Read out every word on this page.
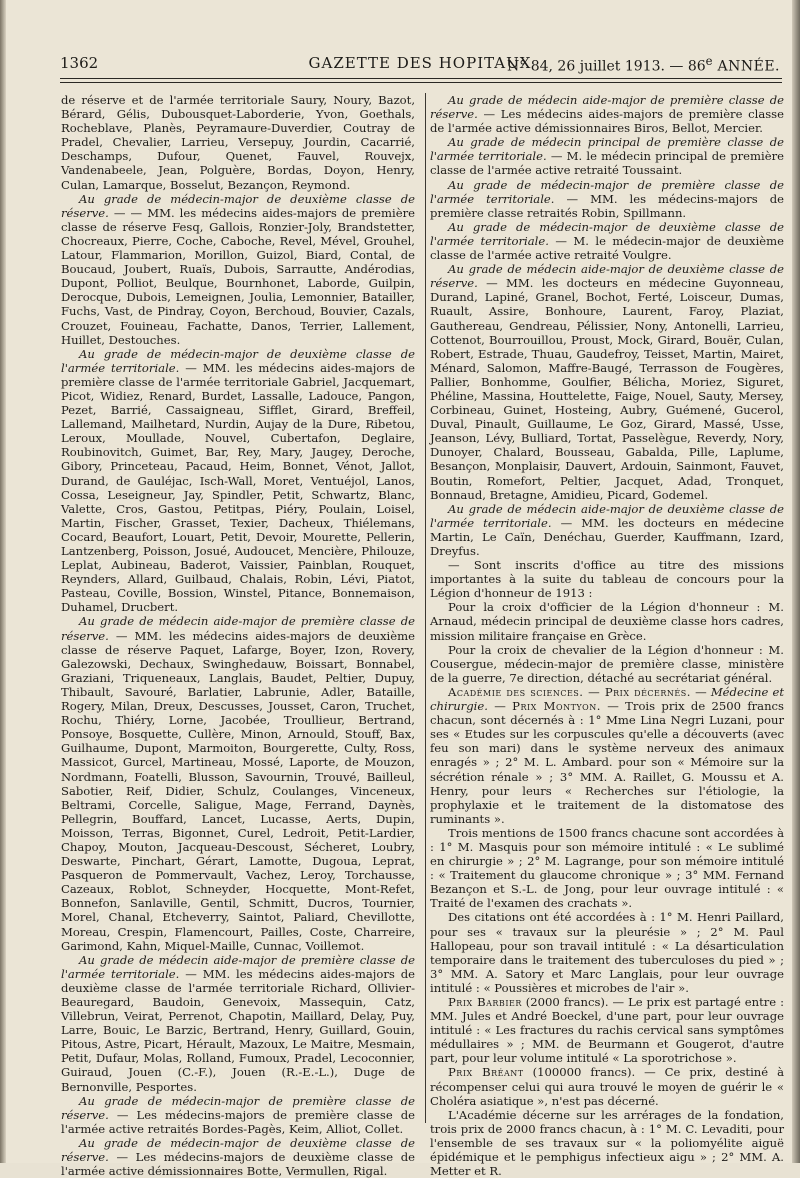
1362	GAZETTE DES HOPITAUX
N° 84, 26 juillet 1913. — 86e ANNÉE.

de réserve et de l'armée territoriale Saury, Noury, Bazot, Bérard, Gélis, Dubousquet-Laborderie, Yvon, Goethals, Rocheblave, Planès, Peyramaure-Duverdier, Coutray de Pradel, Chevalier, Larrieu, Versepuy, Jourdin, Cacarrié, Deschamps, Dufour, Quenet, Fauvel, Rouvejx, Vandenabeele, Jean, Polguère, Bordas, Doyon, Henry, Culan, Lamarque, Bosselut, Bezançon, Reymond.

Au grade de médecin-major de deuxième classe de réserve. — — MM. les médecins aides-majors de première classe de réserve Fesq, Gallois, Ronzier-Joly, Brandstetter, Chocreaux, Pierre, Coche, Caboche, Revel, Mével, Grouhel, Latour, Flammarion, Morillon, Guizol, Biard, Contal, de Boucaud, Joubert, Ruaïs, Dubois, Sarrautte, Andérodias, Dupont, Polliot, Beulque, Bournhonet, Laborde, Guilpin, Derocque, Dubois, Lemeignen, Joulia, Lemonnier, Batailler, Fuchs, Vast, de Pindray, Coyon, Berchoud, Bouvier, Cazals, Crouzet, Fouineau, Fachatte, Danos, Terrier, Lallement, Huillet, Destouches.

Au grade de médecin-major de deuxième classe de l'armée territoriale. — MM. les médecins aides-majors de première classe de l'armée territoriale Gabriel, Jacquemart, Picot, Widiez, Renard, Burdet, Lassalle, Ladouce, Pangon, Pezet, Barrié, Cassaigneau, Sifflet, Girard, Breffeil, Lallemand, Mailhetard, Nurdin, Aujay de la Dure, Ribetou, Leroux, Moullade, Nouvel, Cubertafon, Deglaire, Roubinovitch, Guimet, Bar, Rey, Mary, Jaugey, Deroche, Gibory, Princeteau, Pacaud, Heim, Bonnet, Vénot, Jallot, Durand, de Gauléjac, Isch-Wall, Moret, Ventuéjol, Lanos, Cossa, Leseigneur, Jay, Spindler, Petit, Schwartz, Blanc, Valette, Cros, Gastou, Petitpas, Piéry, Poulain, Loisel, Martin, Fischer, Grasset, Texier, Dacheux, Thiélemans, Cocard, Beaufort, Louart, Petit, Devoir, Mourette, Pellerin, Lantzenberg, Poisson, Josué, Audoucet, Mencière, Philouze, Leplat, Aubineau, Baderot, Vaissier, Painblan, Rouquet, Reynders, Allard, Guilbaud, Chalais, Robin, Lévi, Piatot, Pasteau, Coville, Bossion, Winstel, Pitance, Bonnemaison, Duhamel, Drucbert.

Au grade de médecin aide-major de première classe de réserve. — MM. les médecins aides-majors de deuxième classe de réserve Paquet, Lafarge, Boyer, Izon, Rovery, Galezowski, Dechaux, Swinghedauw, Boissart, Bonnabel, Graziani, Triqueneaux, Langlais, Baudet, Peltier, Dupuy, Thibault, Savouré, Barlatier, Labrunie, Adler, Bataille, Rogery, Milan, Dreux, Descusses, Jousset, Caron, Truchet, Rochu, Thiéry, Lorne, Jacobée, Troullieur, Bertrand, Ponsoye, Bosquette, Cullère, Minon, Arnould, Stouff, Bax, Guilhaume, Dupont, Marmoiton, Bourgerette, Culty, Ross, Massicot, Gurcel, Martineau, Mossé, Laporte, de Mouzon, Nordmann, Foatelli, Blusson, Savournin, Trouvé, Bailleul, Sabotier, Reif, Didier, Schulz, Coulanges, Vinceneux, Beltrami, Corcelle, Saligue, Mage, Ferrand, Daynès, Pellegrin, Bouffard, Lancet, Lucasse, Aerts, Dupin, Moisson, Terras, Bigonnet, Curel, Ledroit, Petit-Lardier, Chapoy, Mouton, Jacqueau-Descoust, Sécheret, Loubry, Deswarte, Pinchart, Gérart, Lamotte, Dugoua, Leprat, Pasqueron de Pommervault, Vachez, Leroy, Torchausse, Cazeaux, Roblot, Schneyder, Hocquette, Mont-Refet, Bonnefon, Sanlaville, Gentil, Schmitt, Ducros, Tournier, Morel, Chanal, Etcheverry, Saintot, Paliard, Chevillotte, Moreau, Crespin, Flamencourt, Pailles, Coste, Charreire, Garimond, Kahn, Miquel-Maille, Cunnac, Voillemot.

Au grade de médecin aide-major de première classe de l'armée territoriale. — MM. les médecins aides-majors de deuxième classe de l'armée territoriale Richard, Ollivier-Beauregard, Baudoin, Genevoix, Massequin, Catz, Villebrun, Veirat, Perrenot, Chapotin, Maillard, Delay, Puy, Larre, Bouic, Le Barzic, Bertrand, Henry, Guillard, Gouin, Pitous, Astre, Picart, Hérault, Mazoux, Le Maitre, Mesmain, Petit, Dufaur, Molas, Rolland, Fumoux, Pradel, Lecoconnier, Guiraud, Jouen (C.-F.), Jouen (R.-E.-L.), Duge de Bernonville, Pesportes.

Au grade de médecin-major de première classe de réserve. — Les médecins-majors de première classe de l'armée active retraités Bordes-Pagès, Keim, Alliot, Collet.

Au grade de médecin-major de deuxième classe de réserve. — Les médecins-majors de deuxième classe de l'armée active démissionnaires Botte, Vermullen, Rigal.

Au grade de médecin aide-major de première classe de réserve. — Les médecins aides-majors de première classe de l'armée active démissionnaires Biros, Bellot, Mercier.

Au grade de médecin principal de première classe de l'armée territoriale. — M. le médecin principal de première classe de l'armée active retraité Toussaint.

Au grade de médecin-major de première classe de l'armée territoriale. — MM. les médecins-majors de première classe retraités Robin, Spillmann.

Au grade de médecin-major de deuxième classe de l'armée territoriale. — M. le médecin-major de deuxième classe de l'armée active retraité Voulgre.

Au grade de médecin aide-major de deuxième classe de réserve. — MM. les docteurs en médecine Guyonneau, Durand, Lapiné, Granel, Bochot, Ferté, Loisceur, Dumas, Ruault, Assire, Bonhoure, Laurent, Faroy, Plaziat, Gauthereau, Gendreau, Pélissier, Nony, Antonelli, Larrieu, Cottenot, Bourrouillou, Proust, Mock, Girard, Bouër, Culan, Robert, Estrade, Thuau, Gaudefroy, Teisset, Martin, Mairet, Ménard, Salomon, Maffre-Baugé, Terrasson de Fougères, Pallier, Bonhomme, Goulfier, Bélicha, Moriez, Siguret, Phéline, Massina, Houttelette, Faige, Nouel, Sauty, Mersey, Corbineau, Guinet, Hosteing, Aubry, Guémené, Gucerol, Duval, Pinault, Guillaume, Le Goz, Girard, Massé, Usse, Jeanson, Lévy, Bulliard, Tortat, Passelègue, Reverdy, Nory, Dunoyer, Chalard, Bousseau, Gabalda, Pille, Laplume, Besançon, Monplaisir, Dauvert, Ardouin, Sainmont, Fauvet, Boutin, Romefort, Peltier, Jacquet, Adad, Tronquet, Bonnaud, Bretagne, Amidieu, Picard, Godemel.

Au grade de médecin aide-major de deuxième classe de l'armée territoriale. — MM. les docteurs en médecine Martin, Le Caïn, Denéchau, Guerder, Kauffmann, Izard, Dreyfus.

— Sont inscrits d'office au titre des missions importantes à la suite du tableau de concours pour la Légion d'honneur de 1913 :

Pour la croix d'officier de la Légion d'honneur : M. Arnaud, médecin principal de deuxième classe hors cadres, mission militaire française en Grèce.

Pour la croix de chevalier de la Légion d'honneur : M. Cousergue, médecin-major de première classe, ministère de la guerre, 7e direction, détaché au secrétariat général.

Académie des sciences. — Prix décernés. — Médecine et chirurgie. — Prix Montyon. — Trois prix de 2500 francs chacun, sont décernés à : 1° Mme Lina Negri Luzani, pour ses « Etudes sur les corpuscules qu'elle a découverts (avec feu son mari) dans le système nerveux des animaux enragés » ; 2° M. L. Ambard. pour son « Mémoire sur la sécrétion rénale » ; 3° MM. A. Raillet, G. Moussu et A. Henry, pour leurs « Recherches sur l'étiologie, la prophylaxie et le traitement de la distomatose des ruminants ».

Trois mentions de 1500 francs chacune sont accordées à : 1° M. Masquis pour son mémoire intitulé : « Le sublimé en chirurgie » ; 2° M. Lagrange, pour son mémoire intitulé : « Traitement du glaucome chronique » ; 3° MM. Fernand Bezançon et S.-L. de Jong, pour leur ouvrage intitulé : « Traité de l'examen des crachats ».

Des citations ont été accordées à : 1° M. Henri Paillard, pour ses « travaux sur la pleurésie » ; 2° M. Paul Hallopeau, pour son travail intitulé : « La désarticulation temporaire dans le traitement des tuberculoses du pied » ; 3° MM. A. Satory et Marc Langlais, pour leur ouvrage intitulé : « Poussières et microbes de l'air ».

Prix Barbier (2000 francs). — Le prix est partagé entre : MM. Jules et André Boeckel, d'une part, pour leur ouvrage intitulé : « Les fractures du rachis cervical sans symptômes médullaires » ; MM. de Beurmann et Gougerot, d'autre part, pour leur volume intitulé « La sporotrichose ».

Prix Bréant (100000 francs). — Ce prix, destiné à récompenser celui qui aura trouvé le moyen de guérir le « Choléra asiatique », n'est pas décerné.

L'Académie décerne sur les arrérages de la fondation, trois prix de 2000 francs chacun, à : 1° M. C. Levaditi, pour l'ensemble de ses travaux sur « la poliomyélite aiguë épidémique et le pemphigus infectieux aigu » ; 2° MM. A. Metter et R.
